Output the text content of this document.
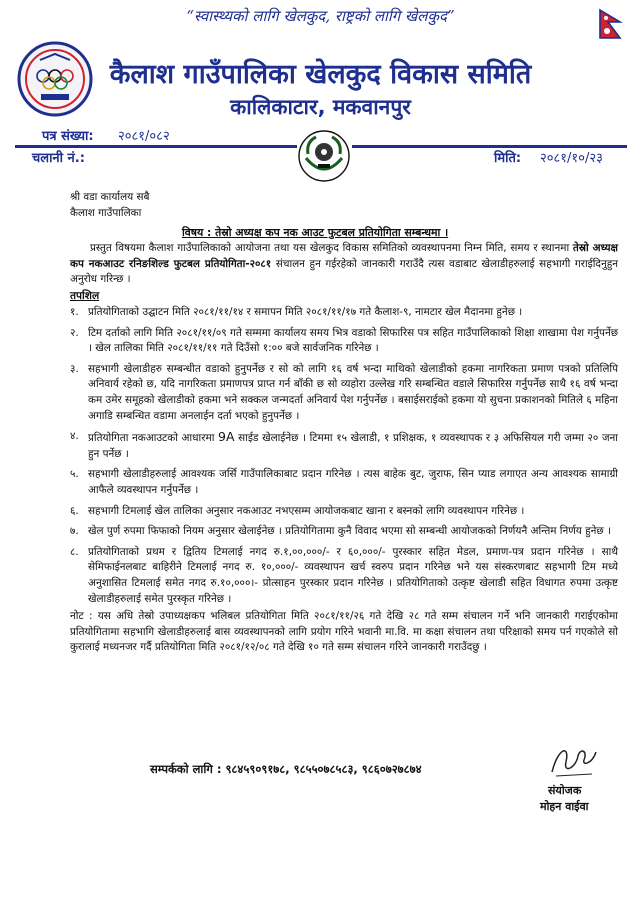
“स्वास्थ्यको लागि खेलकुद, राष्ट्रको लागि खेलकुद”
कैलाश गाउँपालिका खेलकुद विकास समिति
कालिकाटार, मकवानपुर
पत्र संख्या: २०८१/०८२
चलानी नं.:	मिति: २०८१/१०/२३
श्री वडा कार्यालय सबै
कैलाश गाउँपालिका
विषय : तेस्रो अध्यक्ष कप नक आउट फुटबल प्रतियोगिता सम्बन्धमा ।

प्रस्तुत विषयमा कैलाश गाउँपालिकाको आयोजना तथा यस खेलकुद विकास समितिको व्यवस्थापनमा निम्न मिति, समय र स्थानमा तेस्रो अध्यक्ष कप नकआउट रनिङशिल्ड फुटबल प्रतियोगिता-२०८१ संचालन हुन गईरहेको जानकारी गराउँदै त्यस वडाबाट खेलाडीहरुलाई सहभागी गराईदिनुहुन अनुरोध गरिन्छ ।

तपशिल
१. प्रतियोगिताको उद्घाटन मिति २०८१/११/१४ र समापन मिति २०८१/११/१७ गते कैलाश-९, नामटार खेल मैदानमा हुनेछ ।
२. टिम दर्ताको लागि मिति २०८१/११/०९ गते सम्ममा कार्यालय समय भित्र वडाको सिफारिस पत्र सहित गाउँपालिकाको शिक्षा शाखामा पेश गर्नुपर्नेछ । खेल तालिका मिति २०८१/११/११ गते दिउँसो १:०० बजे सार्वजनिक गरिनेछ ।
३. सहभागी खेलाडीहरु सम्बन्धीत वडाको हुनुपर्नेछ र सो को लागि १६ वर्ष भन्दा माथिको खेलाडीको हकमा नागरिकता प्रमाण पत्रको प्रतिलिपि अनिवार्य रहेको छ, यदि नागरिकता प्रमाणपत्र प्राप्त गर्न बाँकी छ सो व्यहोरा उल्लेख गरि सम्बन्धित वडाले सिफारिस गर्नुपर्नेछ साथै १६ वर्ष भन्दा कम उमेर समूहको खेलाडीको हकमा भने सक्कल जन्मदर्ता अनिवार्य पेश गर्नुपर्नेछ । बसाईसराईको हकमा यो सुचना प्रकाशनको मितिले ६ महिना अगाडि सम्बन्धित वडामा अनलाईन दर्ता भएको हुनुपर्नेछ ।
४. प्रतियोगिता नकआउटको आधारमा 9A साईड खेलाईनेछ । टिममा १५ खेलाडी, १ प्रशिक्षक, १ व्यवस्थापक र ३ अफिसियल गरी जम्मा २० जना हुन पर्नेछ ।
५. सहभागी खेलाडीहरुलाई आवश्यक जर्सि गाउँपालिकाबाट प्रदान गरिनेछ । त्यस बाहेक बुट, जुराफ, सिन प्याड लगाएत अन्य आवश्यक सामाग्री आफैले व्यवस्थापन गर्नुपर्नेछ ।
६. सहभागी टिमलाई खेल तालिका अनुसार नकआउट नभएसम्म आयोजकबाट खाना र बस्नको लागि व्यवस्थापन गरिनेछ ।
७. खेल पुर्ण रुपमा फिफाको नियम अनुसार खेलाईनेछ । प्रतियोगितामा कुनै विवाद भएमा सो सम्बन्धी आयोजकको निर्णयनै अन्तिम निर्णय हुनेछ ।
८. प्रतियोगिताको प्रथम र द्वितिय टिमलाई नगद रु.१,००,०००/- र ६०,०००/- पुरस्कार सहित मेडल, प्रमाण-पत्र प्रदान गरिनेछ । साथै सेमिफाईनलबाट बाहिरीने टिमलाई नगद रु. १०,०००/- व्यवस्थापन खर्च स्वरुप प्रदान गरिनेछ भने यस संस्करणबाट सहभागी टिम मध्ये अनुशासित टिमलाई समेत नगद रु.१०,०००।- प्रोत्साहन पुरस्कार प्रदान गरिनेछ । प्रतियोगिताको उत्कृष्ट खेलाडी सहित विधागत रुपमा उत्कृष्ट खेलाडीहरुलाई समेत पुरस्कृत गरिनेछ ।

नोट : यस अधि तेस्रो उपाध्यक्षकप भलिबल प्रतियोगिता मिति २०८१/११/२६ गते देखि २८ गते सम्म संचालन गर्ने भनि जानकारी गराईएकोमा प्रतियोगितामा सहभागि खेलाडीहरुलाई बास व्यवस्थापनको लागि प्रयोग गरिने भवानी मा.वि. मा कक्षा संचालन तथा परिक्षाको समय पर्न गएकोले सो कुरालाई मध्यनजर गर्दै प्रतियोगिता मिति २०८१/१२/०८ गते देखि १० गते सम्म संचालन गरिने जानकारी गराउँदछु ।

सम्पर्कको लागि : ९८४५९०९१७८, ९८५५०७८५८३, ९८६०७२७८७४
संयोजक
मोहन वाईवा
